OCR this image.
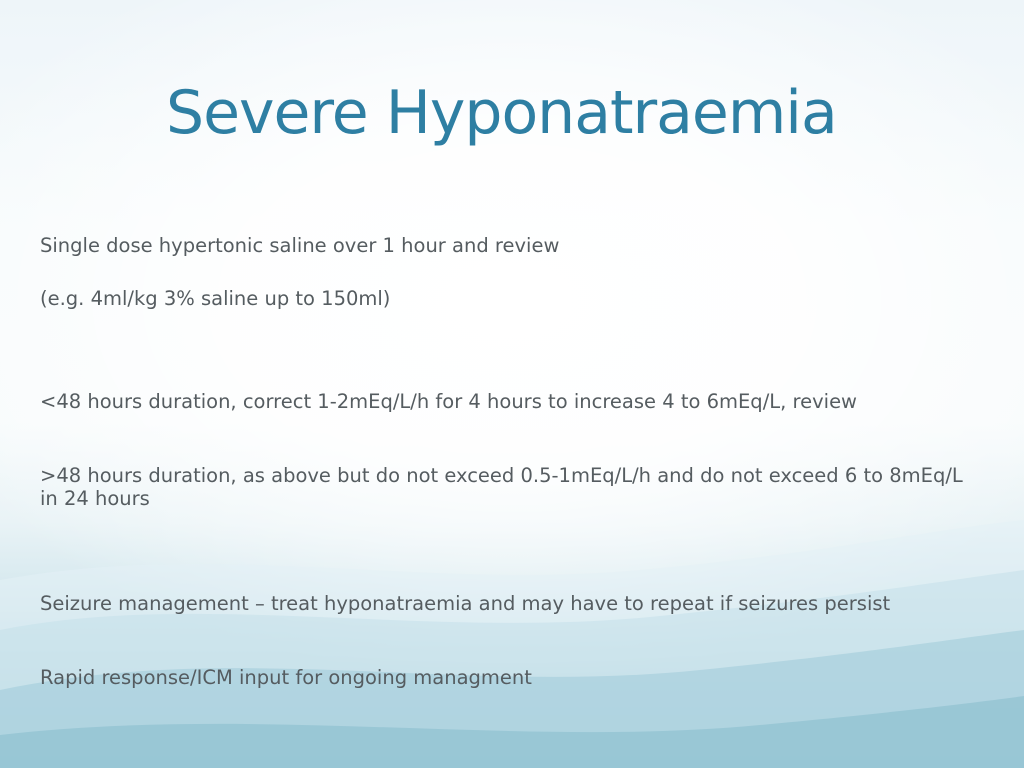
Severe Hyponatraemia

Single dose hypertonic saline over 1 hour and review

(e.g. 4ml/kg 3% saline up to 150ml)

<48 hours duration, correct 1-2mEq/L/h for 4 hours to increase 4 to 6mEq/L, review

>48 hours duration, as above but do not exceed 0.5-1mEq/L/h and do not exceed 6 to 8mEq/L in 24 hours

Seizure management – treat hyponatraemia and may have to repeat if seizures persist

Rapid response/ICM input for ongoing managment
